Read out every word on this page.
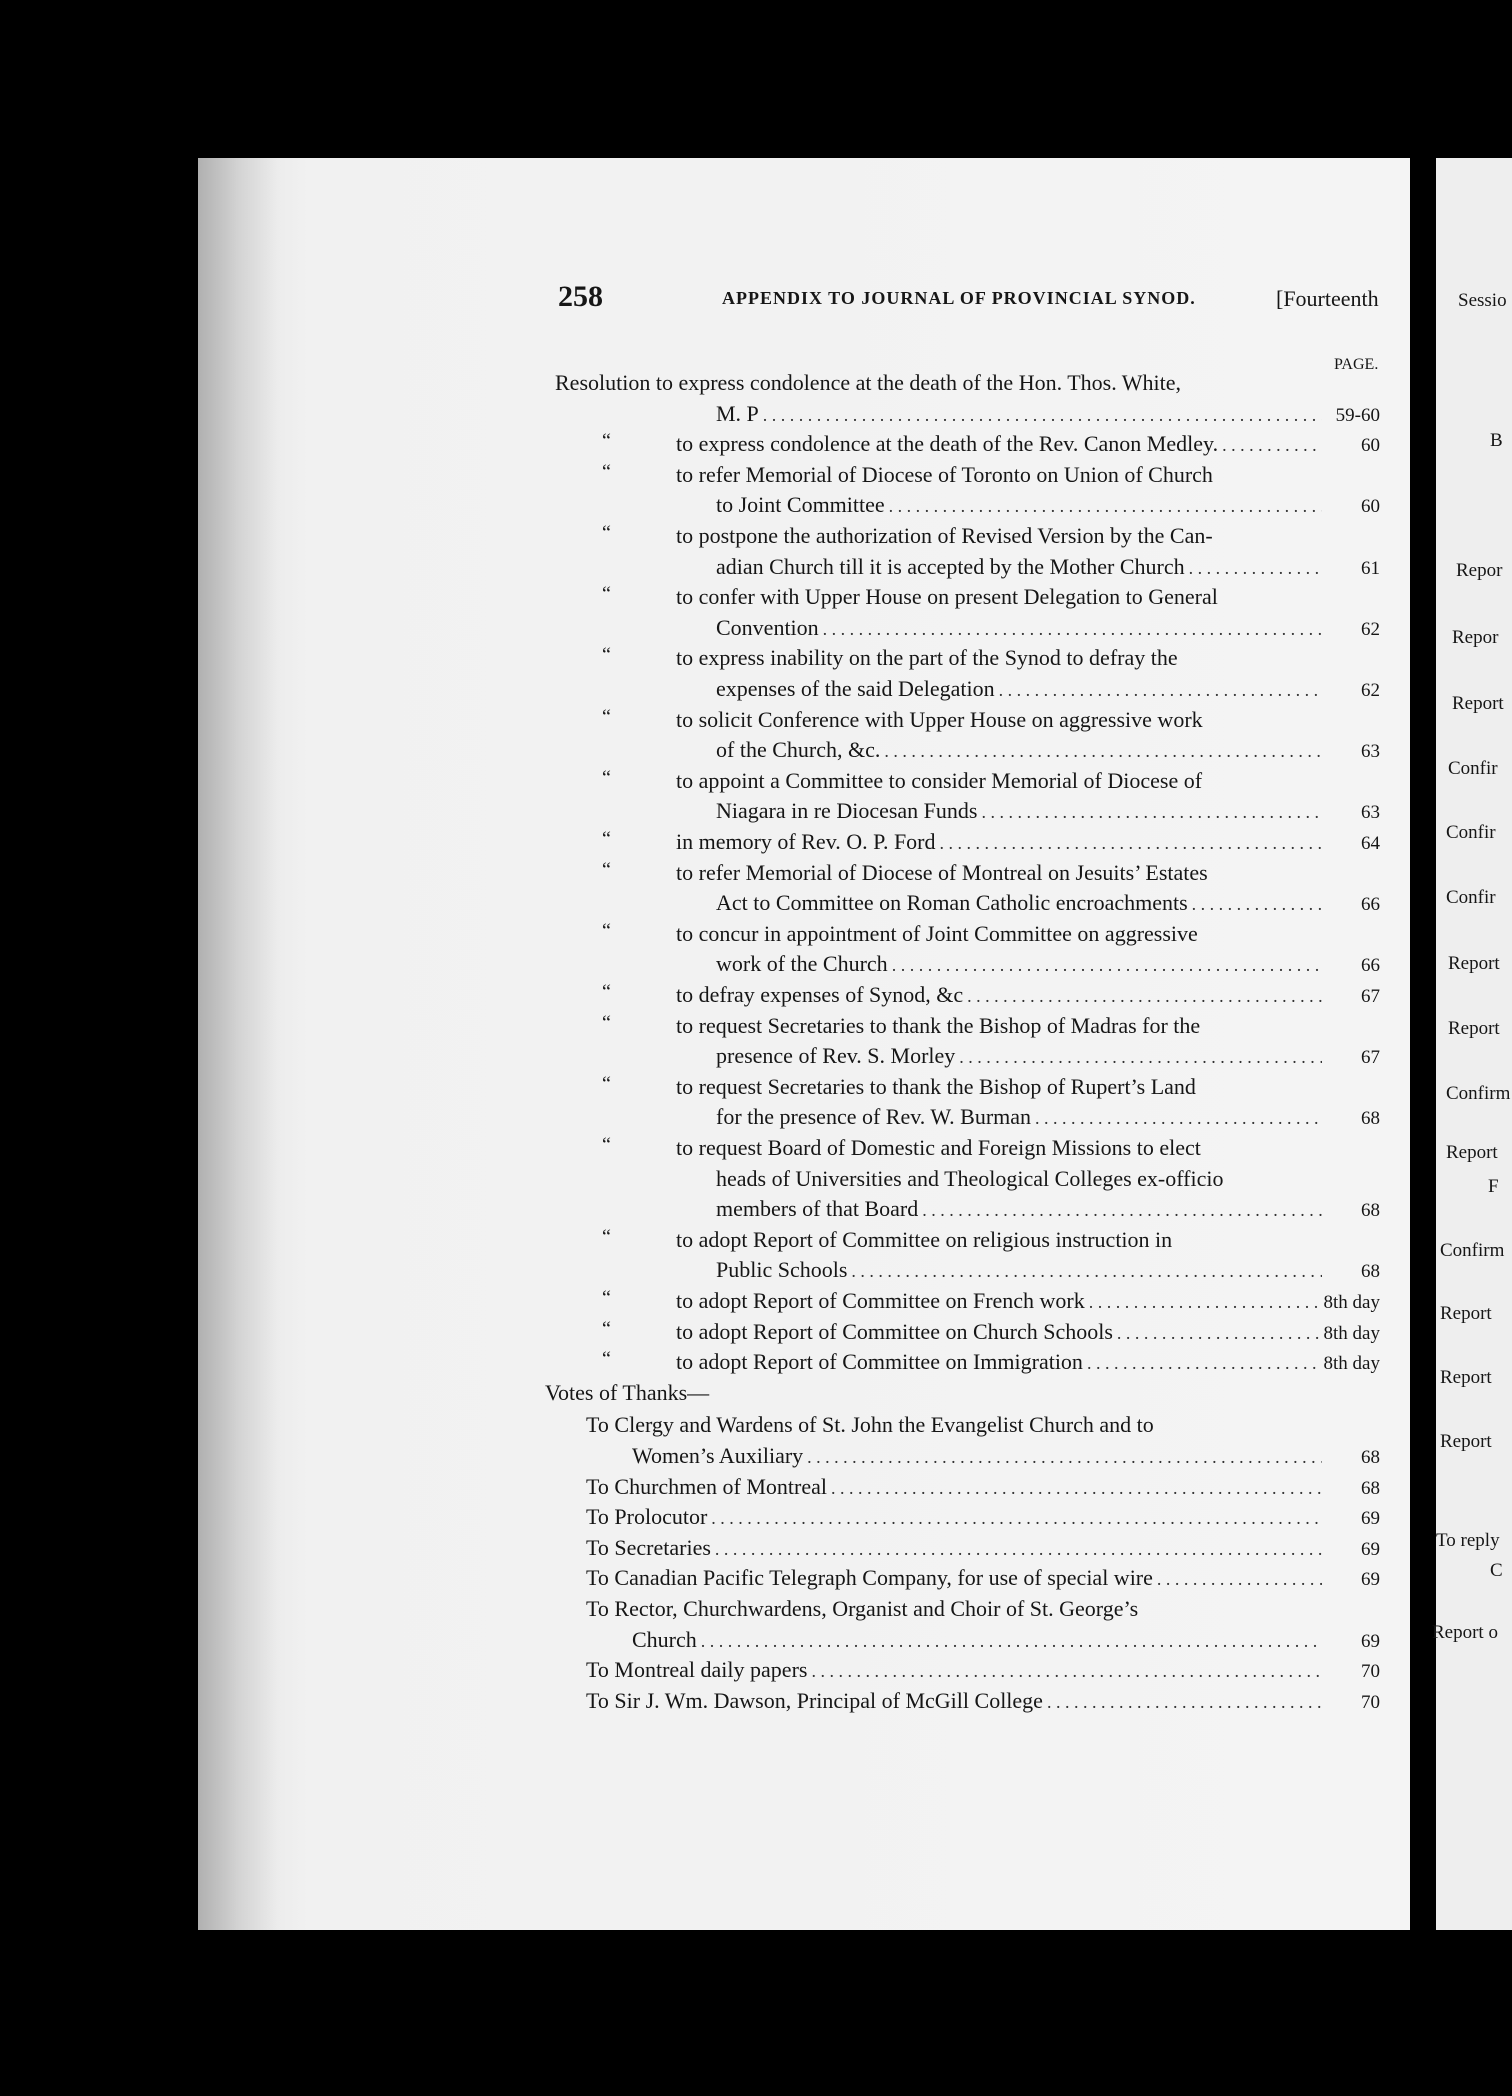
258	APPENDIX TO JOURNAL OF PROVINCIAL SYNOD.	[Fourteenth
PAGE.
Resolution to express condolence at the death of the Hon. Thos. White,
M. P . . .	59-60
“	to express condolence at the death of the Rev. Canon Medley. . . .	60
“	to refer Memorial of Diocese of Toronto on Union of Church
to Joint Committee . . .	60
“	to postpone the authorization of Revised Version by the Can-
adian Church till it is accepted by the Mother Church . . .	61
“	to confer with Upper House on present Delegation to General
Convention . . .	62
“	to express inability on the part of the Synod to defray the
expenses of the said Delegation . . .	62
“	to solicit Conference with Upper House on aggressive work
of the Church, &c. . . .	63
“	to appoint a Committee to consider Memorial of Diocese of
Niagara in re Diocesan Funds . . .	63
“	in memory of Rev. O. P. Ford . . .	64
“	to refer Memorial of Diocese of Montreal on Jesuits’ Estates
Act to Committee on Roman Catholic encroachments . . .	66
“	to concur in appointment of Joint Committee on aggressive
work of the Church . . .	66
“	to defray expenses of Synod, &c . . .	67
“	to request Secretaries to thank the Bishop of Madras for the
presence of Rev. S. Morley . . .	67
“	to request Secretaries to thank the Bishop of Rupert’s Land
for the presence of Rev. W. Burman . . .	68
“	to request Board of Domestic and Foreign Missions to elect
heads of Universities and Theological Colleges ex-officio
members of that Board . . .	68
“	to adopt Report of Committee on religious instruction in
Public Schools . . .	68
“	to adopt Report of Committee on French work . . .	8th day
“	to adopt Report of Committee on Church Schools . . .	8th day
“	to adopt Report of Committee on Immigration . . .	8th day
Votes of Thanks—
To Clergy and Wardens of St. John the Evangelist Church and to
Women’s Auxiliary . . .	68
To Churchmen of Montreal . . .	68
To Prolocutor . . .	69
To Secretaries . . .	69
To Canadian Pacific Telegraph Company, for use of special wire . . .	69
To Rector, Churchwardens, Organist and Choir of St. George’s
Church . . .	69
To Montreal daily papers . . .	70
To Sir J. Wm. Dawson, Principal of McGill College . . .	70
Sessio
B
Repor
Repor
Report
Confir
Confir
Confir
Report
Report
Confirm
Report
F
Confirm
Report
Report
Report
To reply
C
Report o
